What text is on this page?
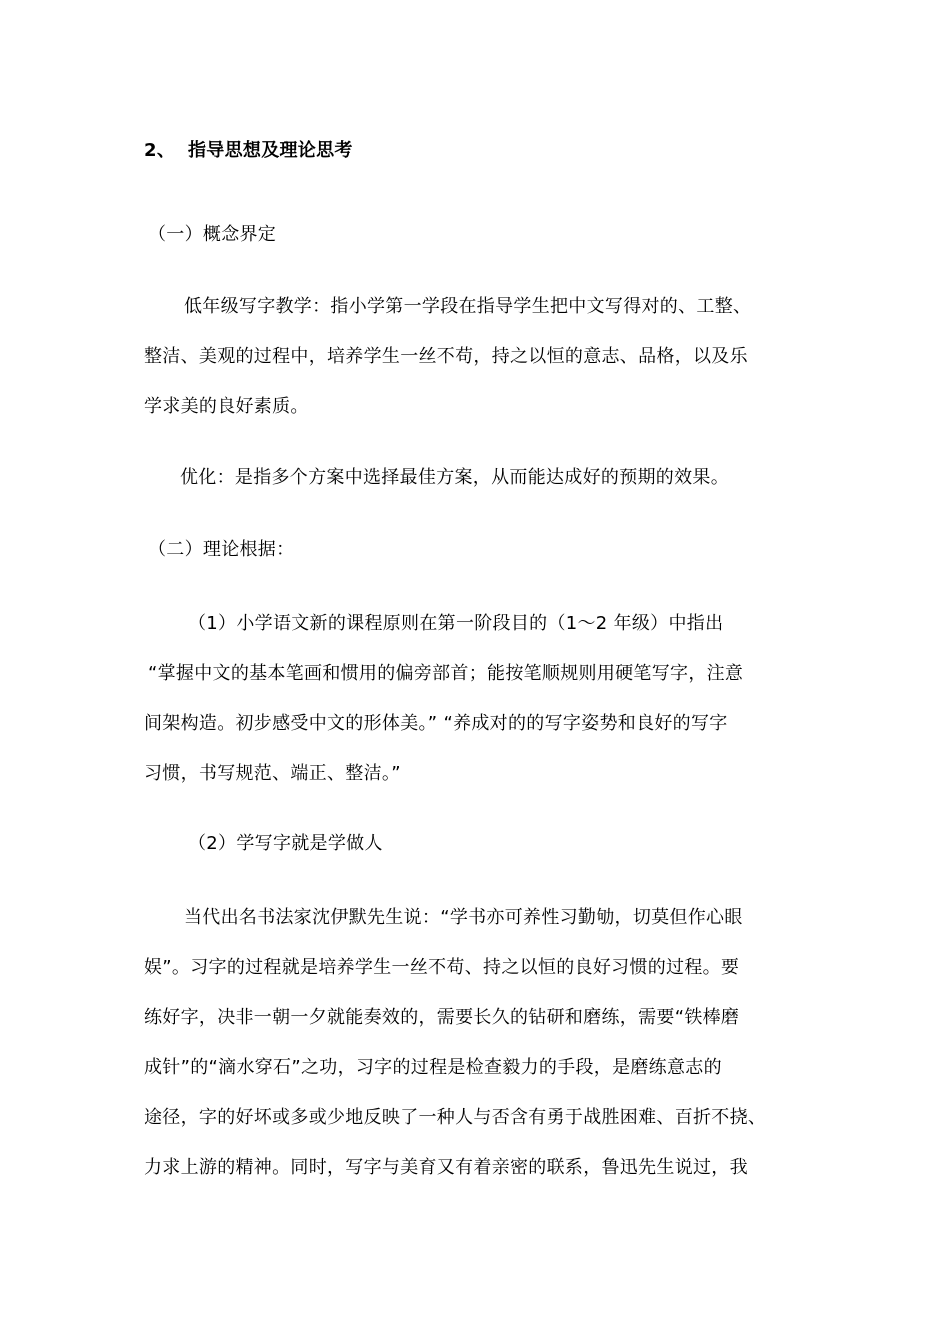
2、 指导思想及理论思考
（一）概念界定
低年级写字教学：指小学第一学段在指导学生把中文写得对的、工整、
整洁、美观的过程中，培养学生一丝不苟，持之以恒的意志、品格，以及乐
学求美的良好素质。
优化：是指多个方案中选择最佳方案，从而能达成好的预期的效果。
（二）理论根据：
（1）小学语文新的课程原则在第一阶段目的（1～2 年级）中指出
“掌握中文的基本笔画和惯用的偏旁部首；能按笔顺规则用硬笔写字，注意
间架构造。初步感受中文的形体美。” “养成对的的写字姿势和良好的写字
习惯，书写规范、端正、整洁。”
（2）学写字就是学做人
当代出名书法家沈伊默先生说：“学书亦可养性习勤劬，切莫但作心眼
娱”。习字的过程就是培养学生一丝不苟、持之以恒的良好习惯的过程。要
练好字，决非一朝一夕就能奏效的，需要长久的钻研和磨练，需要“铁棒磨
成针”的“滴水穿石”之功，习字的过程是检查毅力的手段，是磨练意志的
途径，字的好坏或多或少地反映了一种人与否含有勇于战胜困难、百折不挠、
力求上游的精神。同时，写字与美育又有着亲密的联系，鲁迅先生说过，我
